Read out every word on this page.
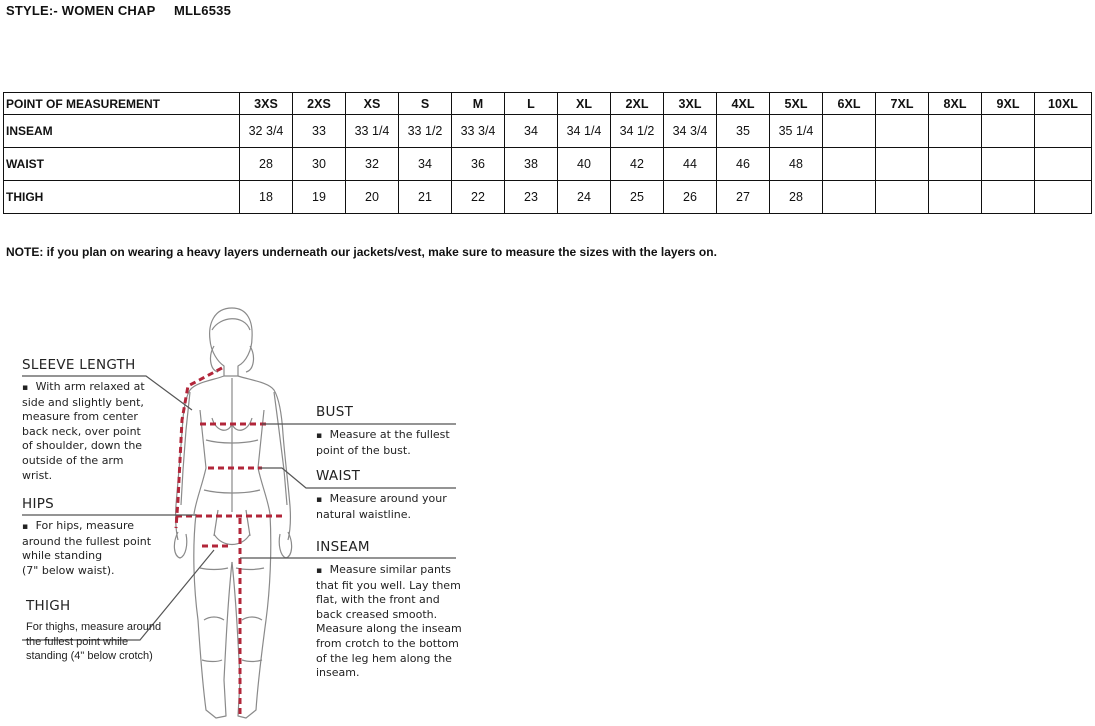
STYLE:- WOMEN CHAP MLL6535
POINT OF MEASUREMENT	3XS	2XS	XS	S	M	L	XL	2XL	3XL	4XL	5XL	6XL	7XL	8XL	9XL	10XL
INSEAM	32 3/4	33	33 1/4	33 1/2	33 3/4	34	34 1/4	34 1/2	34 3/4	35	35 1/4					
WAIST	28	30	32	34	36	38	40	42	44	46	48					
THIGH	18	19	20	21	22	23	24	25	26	27	28					
NOTE: if you plan on wearing a heavy layers underneath our jackets/vest, make sure to measure the sizes with the layers on.
SLEEVE LENGTH
▪ With arm relaxed at
side and slightly bent,
measure from center
back neck, over point
of shoulder, down the
outside of the arm
wrist.
HIPS
▪ For hips, measure
around the fullest point
while standing
(7" below waist).
THIGH
For thighs, measure around
the fullest point while
standing (4" below crotch)
BUST
▪ Measure at the fullest
point of the bust.
WAIST
▪ Measure around your
natural waistline.
INSEAM
▪ Measure similar pants
that fit you well. Lay them
flat, with the front and
back creased smooth.
Measure along the inseam
from crotch to the bottom
of the leg hem along the
inseam.
